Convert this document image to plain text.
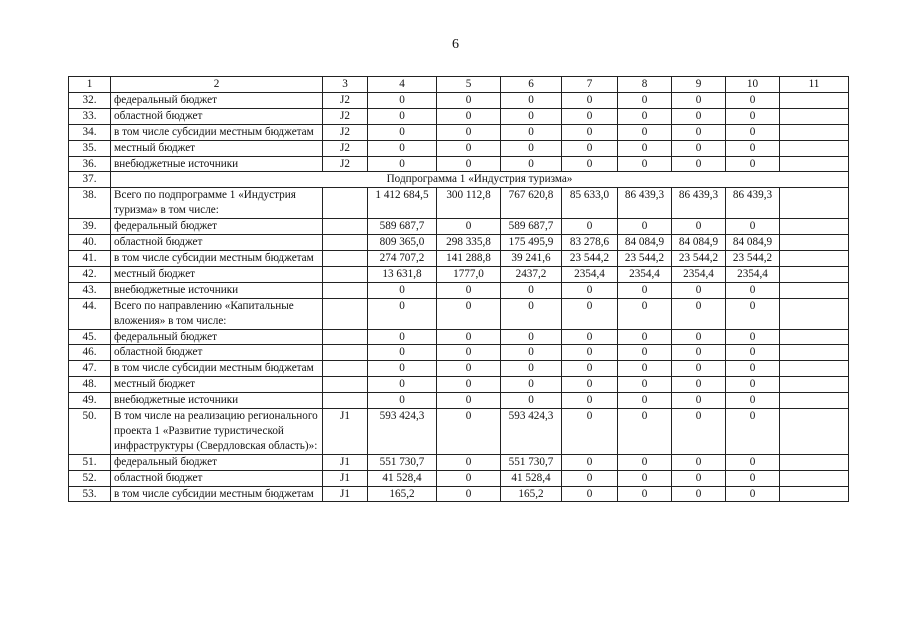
6
1	2	3	4	5	6	7	8	9	10	11
32.	федеральный бюджет	J2	0	0	0	0	0	0	0	
33.	областной бюджет	J2	0	0	0	0	0	0	0	
34.	в том числе субсидии местным бюджетам	J2	0	0	0	0	0	0	0	
35.	местный бюджет	J2	0	0	0	0	0	0	0	
36.	внебюджетные источники	J2	0	0	0	0	0	0	0	
37.	Подпрограмма 1 «Индустрия туризма»									
38.	Всего по подпрограмме 1 «Индустрия туризма» в том числе:		1 412 684,5	300 112,8	767 620,8	85 633,0	86 439,3	86 439,3	86 439,3	
39.	федеральный бюджет		589 687,7	0	589 687,7	0	0	0	0	
40.	областной бюджет		809 365,0	298 335,8	175 495,9	83 278,6	84 084,9	84 084,9	84 084,9	
41.	в том числе субсидии местным бюджетам		274 707,2	141 288,8	39 241,6	23 544,2	23 544,2	23 544,2	23 544,2	
42.	местный бюджет		13 631,8	1777,0	2437,2	2354,4	2354,4	2354,4	2354,4	
43.	внебюджетные источники		0	0	0	0	0	0	0	
44.	Всего по направлению «Капитальные вложения» в том числе:		0	0	0	0	0	0	0	
45.	федеральный бюджет		0	0	0	0	0	0	0	
46.	областной бюджет		0	0	0	0	0	0	0	
47.	в том числе субсидии местным бюджетам		0	0	0	0	0	0	0	
48.	местный бюджет		0	0	0	0	0	0	0	
49.	внебюджетные источники		0	0	0	0	0	0	0	
50.	В том числе на реализацию регионального проекта 1 «Развитие туристической инфраструктуры (Свердловская область)»:	J1	593 424,3	0	593 424,3	0	0	0	0	
51.	федеральный бюджет	J1	551 730,7	0	551 730,7	0	0	0	0	
52.	областной бюджет	J1	41 528,4	0	41 528,4	0	0	0	0	
53.	в том числе субсидии местным бюджетам	J1	165,2	0	165,2	0	0	0	0	
